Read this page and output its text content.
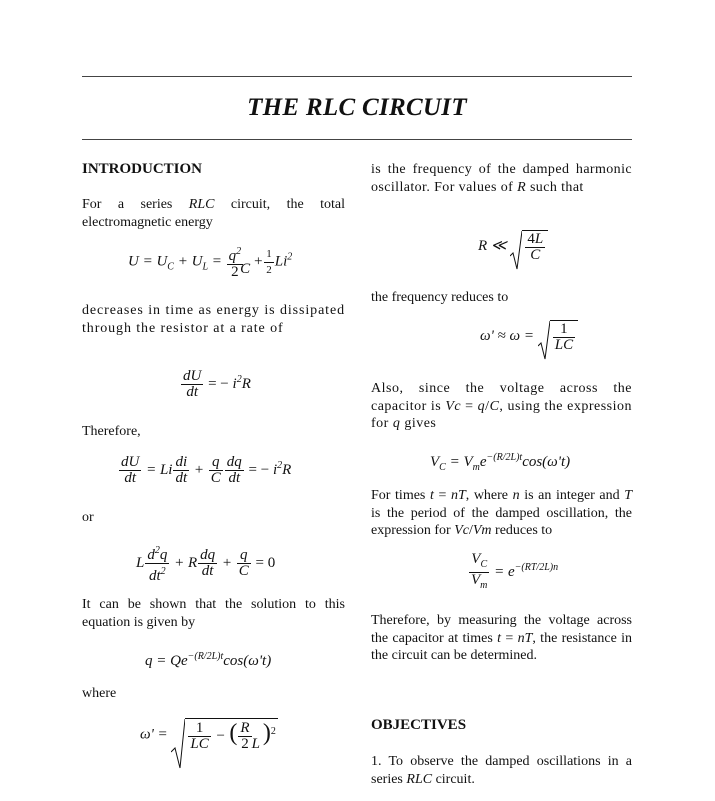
THE RLC CIRCUIT
INTRODUCTION
For a series RLC circuit, the total electromagnetic energy
$U = U_C + U_L = \frac{q^2}{2}$

$C + \frac{1}{2} Li^2$
decreases in time as energy is dissipated through the resistor at a rate of
$\frac{dU}{dt}$ = − $i^2R$
Therefore,
$\frac{dU}{dt} = Li \frac{di}{dt} + \frac{q}{C} \frac{dq}{dt}$ = − $i^2R$
or
L $\frac{d^2q}{dt^2} + R \frac{dq}{dt} + \frac{q}{C} = 0$
It can be shown that the solution to this equation is given by
$q = Qe^{-(R/2L)t}\cos(\omega't)$
where
$\omega' = \frac{1}{LC}$ − ( $\frac{R}{2}$
L )$^2$
is the frequency of the damped harmonic oscillator. For values of R such that
R ≪ $\frac{4L}{C}$
the frequency reduces to
$\omega' \approx \omega = \frac{1}{LC}$
Also, since the voltage across the capacitor is Vc = q/C, using the expression for q gives
$V_C = V_me^{-(R/2L)t}\cos(\omega't)$
For times t = nT, where n is an integer and T is the period of the damped oscillation, the expression for Vc/Vm reduces to
$\frac{V_C}{V_m} = e^{-(RT/2L)n}$
Therefore, by measuring the voltage across the capacitor at times t = nT, the resistance in the circuit can be determined.
OBJECTIVES
1. To observe the damped oscillations in a series RLC circuit.
